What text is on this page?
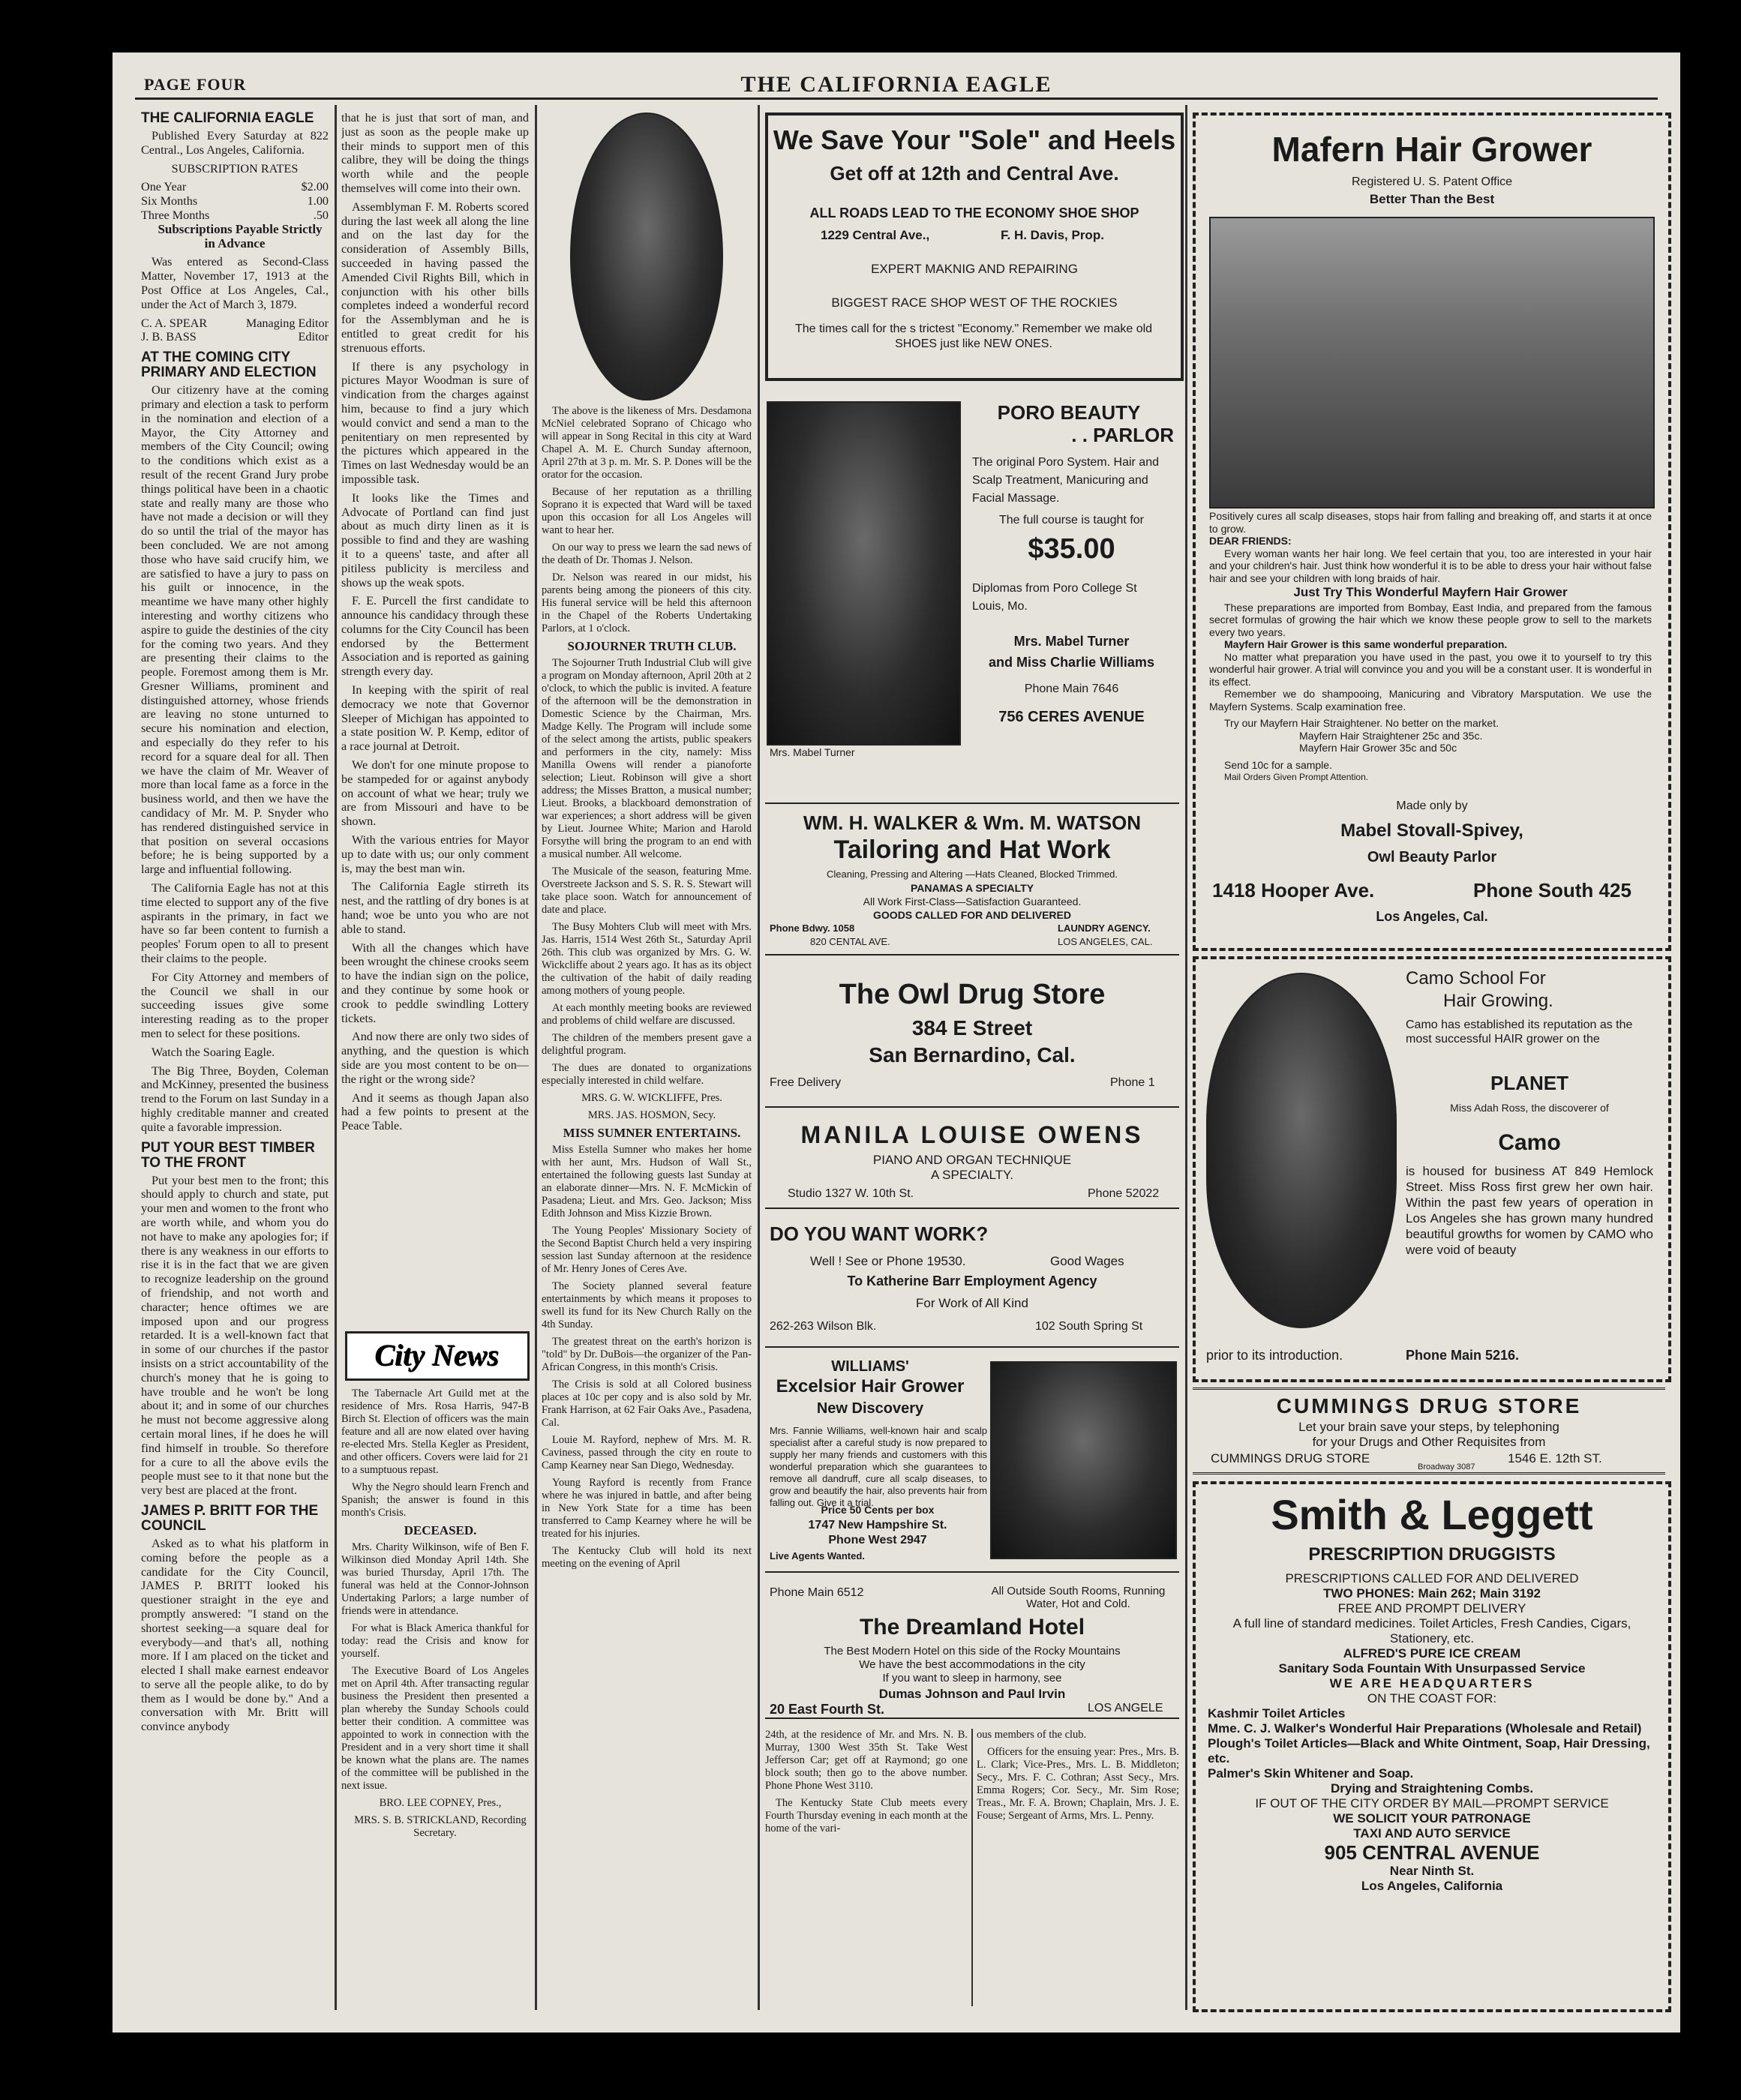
PAGE FOUR	THE CALIFORNIA EAGLE
THE CALIFORNIA EAGLE

Published Every Saturday at 822 Central., Los Angeles, California.

SUBSCRIPTION RATES

One Year	$2.00
Six Months	1.00
Three Months	.50

Subscriptions Payable Strictly in Advance

Was entered as Second-Class Matter, November 17, 1913 at the Post Office at Los Angeles, Cal., under the Act of March 3, 1879.

C. A. SPEAR	Managing Editor
J. B. BASS	Editor
AT THE COMING CITY PRIMARY AND ELECTION

Our citizenry have at the coming primary and election a task to perform in the nomination and election of a Mayor, the City Attorney and members of the City Council; owing to the conditions which exist as a result of the recent Grand Jury probe things political have been in a chaotic state and really many are those who have not made a decision or will they do so until the trial of the mayor has been concluded. We are not among those who have said crucify him, we are satisfied to have a jury to pass on his guilt or innocence, in the meantime we have many other highly interesting and worthy citizens who aspire to guide the destinies of the city for the coming two years. And they are presenting their claims to the people. Foremost among them is Mr. Gresner Williams, prominent and distinguished attorney, whose friends are leaving no stone unturned to secure his nomination and election, and especially do they refer to his record for a square deal for all. Then we have the claim of Mr. Weaver of more than local fame as a force in the business world, and then we have the candidacy of Mr. M. P. Snyder who has rendered distinguished service in that position on several occasions before; he is being supported by a large and influential following.

The California Eagle has not at this time elected to support any of the five aspirants in the primary, in fact we have so far been content to furnish a peoples' Forum open to all to present their claims to the people.

For City Attorney and members of the Council we shall in our succeeding issues give some interesting reading as to the proper men to select for these positions.

Watch the Soaring Eagle.

The Big Three, Boyden, Coleman and McKinney, presented the business trend to the Forum on last Sunday in a highly creditable manner and created quite a favorable impression.

PUT YOUR BEST TIMBER TO THE FRONT

Put your best men to the front; this should apply to church and state, put your men and women to the front who are worth while, and whom you do not have to make any apologies for; if there is any weakness in our efforts to rise it is in the fact that we are given to recognize leadership on the ground of friendship, and not worth and character; hence oftimes we are imposed upon and our progress retarded. It is a well-known fact that in some of our churches if the pastor insists on a strict accountability of the church's money that he is going to have trouble and he won't be long about it; and in some of our churches he must not become aggressive along certain moral lines, if he does he will find himself in trouble. So therefore for a cure to all the above evils the people must see to it that none but the very best are placed at the front.

JAMES P. BRITT FOR THE COUNCIL

Asked as to what his platform in coming before the people as a candidate for the City Council, JAMES P. BRITT looked his questioner straight in the eye and promptly answered: "I stand on the shortest seeking—a square deal for everybody—and that's all, nothing more. If I am placed on the ticket and elected I shall make earnest endeavor to serve all the people alike, to do by them as I would be done by." And a conversation with Mr. Britt will convince anybody

that he is just that sort of man, and just as soon as the people make up their minds to support men of this calibre, they will be doing the things worth while and the people themselves will come into their own.

Assemblyman F. M. Roberts scored during the last week all along the line and on the last day for the consideration of Assembly Bills, succeeded in having passed the Amended Civil Rights Bill, which in conjunction with his other bills completes indeed a wonderful record for the Assemblyman and he is entitled to great credit for his strenuous efforts.

If there is any psychology in pictures Mayor Woodman is sure of vindication from the charges against him, because to find a jury which would convict and send a man to the penitentiary on men represented by the pictures which appeared in the Times on last Wednesday would be an impossible task.

It looks like the Times and Advocate of Portland can find just about as much dirty linen as it is possible to find and they are washing it to a queens' taste, and after all pitiless publicity is merciless and shows up the weak spots.

F. E. Purcell the first candidate to announce his candidacy through these columns for the City Council has been endorsed by the Betterment Association and is reported as gaining strength every day.

In keeping with the spirit of real democracy we note that Governor Sleeper of Michigan has appointed to a state position W. P. Kemp, editor of a race journal at Detroit.

We don't for one minute propose to be stampeded for or against anybody on account of what we hear; truly we are from Missouri and have to be shown.

With the various entries for Mayor up to date with us; our only comment is, may the best man win.

The California Eagle stirreth its nest, and the rattling of dry bones is at hand; woe be unto you who are not able to stand.

With all the changes which have been wrought the chinese crooks seem to have the indian sign on the police, and they continue by some hook or crook to peddle swindling Lottery tickets.

And now there are only two sides of anything, and the question is which side are you most content to be on—the right or the wrong side?

And it seems as though Japan also had a few points to present at the Peace Table.

City News

The Tabernacle Art Guild met at the residence of Mrs. Rosa Harris, 947-B Birch St. Election of officers was the main feature and all are now elated over having re-elected Mrs. Stella Kegler as President, and other officers. Covers were laid for 21 to a sumptuous repast.

Why the Negro should learn French and Spanish; the answer is found in this month's Crisis.

DECEASED.

Mrs. Charity Wilkinson, wife of Ben F. Wilkinson died Monday April 14th. She was buried Thursday, April 17th. The funeral was held at the Connor-Johnson Undertaking Parlors; a large number of friends were in attendance.

For what is Black America thankful for today: read the Crisis and know for yourself.

The Executive Board of Los Angeles met on April 4th. After transacting regular business the President then presented a plan whereby the Sunday Schools could better their condition. A committee was appointed to work in connection with the President and in a very short time it shall be known what the plans are. The names of the committee will be published in the next issue.

BRO. LEE COPNEY, Pres.,

MRS. S. B. STRICKLAND, Recording Secretary.

The above is the likeness of Mrs. Desdamona McNiel celebrated Soprano of Chicago who will appear in Song Recital in this city at Ward Chapel A. M. E. Church Sunday afternoon, April 27th at 3 p. m. Mr. S. P. Dones will be the orator for the occasion.

Because of her reputation as a thrilling Soprano it is expected that Ward will be taxed upon this occasion for all Los Angeles will want to hear her.

On our way to press we learn the sad news of the death of Dr. Thomas J. Nelson.

Dr. Nelson was reared in our midst, his parents being among the pioneers of this city. His funeral service will be held this afternoon in the Chapel of the Roberts Undertaking Parlors, at 1 o'clock.

SOJOURNER TRUTH CLUB.

The Sojourner Truth Industrial Club will give a program on Monday afternoon, April 20th at 2 o'clock, to which the public is invited. A feature of the afternoon will be the demonstration in Domestic Science by the Chairman, Mrs. Madge Kelly. The Program will include some of the select among the artists, public speakers and performers in the city, namely: Miss Manilla Owens will render a pianoforte selection; Lieut. Robinson will give a short address; the Misses Bratton, a musical number; Lieut. Brooks, a blackboard demonstration of war experiences; a short address will be given by Lieut. Journee White; Marion and Harold Forsythe will bring the program to an end with a musical number. All welcome.

The Musicale of the season, featuring Mme. Overstreete Jackson and S. S. R. S. Stewart will take place soon. Watch for announcement of date and place.

The Busy Mohters Club will meet with Mrs. Jas. Harris, 1514 West 26th St., Saturday April 26th. This club was organized by Mrs. G. W. Wickcliffe about 2 years ago. It has as its object the cultivation of the habit of daily reading among mothers of young people.

At each monthly meeting books are reviewed and problems of child welfare are discussed.

The children of the members present gave a delightful program.

The dues are donated to organizations especially interested in child welfare.

MRS. G. W. WICKLIFFE, Pres.

MRS. JAS. HOSMON, Secy.

MISS SUMNER ENTERTAINS.

Miss Estella Sumner who makes her home with her aunt, Mrs. Hudson of Wall St., entertained the following guests last Sunday at an elaborate dinner—Mrs. N. F. McMickin of Pasadena; Lieut. and Mrs. Geo. Jackson; Miss Edith Johnson and Miss Kizzie Brown.

The Young Peoples' Missionary Society of the Second Baptist Church held a very inspiring session last Sunday afternoon at the residence of Mr. Henry Jones of Ceres Ave.

The Society planned several feature entertainments by which means it proposes to swell its fund for its New Church Rally on the 4th Sunday.

The greatest threat on the earth's horizon is "told" by Dr. DuBois—the organizer of the Pan-African Congress, in this month's Crisis.

The Crisis is sold at all Colored business places at 10c per copy and is also sold by Mr. Frank Harrison, at 62 Fair Oaks Ave., Pasadena, Cal.

Louie M. Rayford, nephew of Mrs. M. R. Caviness, passed through the city en route to Camp Kearney near San Diego, Wednesday.

Young Rayford is recently from France where he was injured in battle, and after being in New York State for a time has been transferred to Camp Kearney where he will be treated for his injuries.

The Kentucky Club will hold its next meeting on the evening of April

We Save Your "Sole" and Heels
Get off at 12th and Central Ave.
ALL ROADS LEAD TO THE ECONOMY SHOE SHOP
1229 Central Ave.,	F. H. Davis, Prop.
EXPERT MAKNIG AND REPAIRING
BIGGEST RACE SHOP WEST OF THE ROCKIES
The times call for the s trictest "Economy." Remember we make old SHOES just like NEW ONES.
Mrs. Mabel Turner
PORO BEAUTY
. . PARLOR
The original Poro System. Hair and Scalp Treatment, Manicuring and Facial Massage.
The full course is taught for
$35.00
Diplomas from Poro College St Louis, Mo.
Mrs. Mabel Turner
and Miss Charlie Williams
Phone Main 7646
756 CERES AVENUE
WM. H. WALKER & Wm. M. WATSON
Tailoring and Hat Work
Cleaning, Pressing and Altering —Hats Cleaned, Blocked Trimmed.
PANAMAS A SPECIALTY
All Work First-Class—Satisfaction Guaranteed.
GOODS CALLED FOR AND DELIVERED
Phone Bdwy. 1058	LAUNDRY AGENCY.
820 CENTAL AVE.	LOS ANGELES, CAL.
The Owl Drug Store
384 E Street
San Bernardino, Cal.
Free Delivery	Phone 1
MANILA LOUISE OWENS
PIANO AND ORGAN TECHNIQUE
A SPECIALTY.
Studio 1327 W. 10th St.	Phone 52022
DO YOU WANT WORK?
Well ! See or Phone 19530.	Good Wages
To Katherine Barr Employment Agency
For Work of All Kind
262-263 Wilson Blk.	102 South Spring St
WILLIAMS'
Excelsior Hair Grower
New Discovery
Mrs. Fannie Williams, well-known hair and scalp specialist after a careful study is now prepared to supply her many friends and customers with this wonderful preparation which she guarantees to remove all dandruff, cure all scalp diseases, to grow and beautify the hair, also prevents hair from falling out. Give it a trial.
Price 50 Cents per box
1747 New Hampshire St.
Phone West 2947
Live Agents Wanted.
Phone Main 6512	All Outside South Rooms, Running Water, Hot and Cold.
The Dreamland Hotel
The Best Modern Hotel on this side of the Rocky Mountains
We have the best accommodations in the city
If you want to sleep in harmony, see
Dumas Johnson and Paul Irvin
20 East Fourth St.	LOS ANGELE

24th, at the residence of Mr. and Mrs. N. B. Murray, 1300 West 35th St. Take West Jefferson Car; get off at Raymond; go one block south; then go to the above number. Phone Phone West 3110.

The Kentucky State Club meets every Fourth Thursday evening in each month at the home of the vari-

ous members of the club.

Officers for the ensuing year: Pres., Mrs. B. L. Clark; Vice-Pres., Mrs. L. B. Middleton; Secy., Mrs. F. C. Cothran; Asst Secy., Mrs. Emma Rogers; Cor. Secy., Mr. Sim Rose; Treas., Mr. F. A. Brown; Chaplain, Mrs. J. E. Fouse; Sergeant of Arms, Mrs. L. Penny.

Mafern Hair Grower
Registered U. S. Patent Office
Better Than the Best
Positively cures all scalp diseases, stops hair from falling and breaking off, and starts it at once to grow.
DEAR FRIENDS:
Every woman wants her hair long. We feel certain that you, too are interested in your hair and your children's hair. Just think how wonderful it is to be able to dress your hair without false hair and see your children with long braids of hair.
Just Try This Wonderful Mayfern Hair Grower
These preparations are imported from Bombay, East India, and prepared from the famous secret formulas of growing the hair which we know these people grow to sell to the markets every two years.
Mayfern Hair Grower is this same wonderful preparation.
No matter what preparation you have used in the past, you owe it to yourself to try this wonderful hair grower. A trial will convince you and you will be a constant user. It is wonderful in its effect.
Remember we do shampooing, Manicuring and Vibratory Marsputation. We use the Mayfern Systems. Scalp examination free.
Try our Mayfern Hair Straightener. No better on the market.
Mayfern Hair Straightener 25c and 35c.
Mayfern Hair Grower 35c and 50c
Send 10c for a sample.
Mail Orders Given Prompt Attention.
Made only by
Mabel Stovall-Spivey,
Owl Beauty Parlor
1418 Hooper Ave.	Phone South 425
Los Angeles, Cal.
Camo School For
Hair Growing.
Camo has established its reputation as the most successful HAIR grower on the
PLANET
Miss Adah Ross, the discoverer of
Camo
is housed for business AT 849 Hemlock Street. Miss Ross first grew her own hair. Within the past few years of operation in Los Angeles she has grown many hundred beautiful growths for women by CAMO who were void of beauty
prior to its introduction.	Phone Main 5216.
CUMMINGS DRUG STORE
Let your brain save your steps, by telephoning
for your Drugs and Other Requisites from
CUMMINGS DRUG STORE	1546 E. 12th ST.
Broadway 3087
Smith & Leggett
PRESCRIPTION DRUGGISTS
PRESCRIPTIONS CALLED FOR AND DELIVERED
TWO PHONES: Main 262; Main 3192
FREE AND PROMPT DELIVERY
A full line of standard medicines. Toilet Articles, Fresh Candies, Cigars, Stationery, etc.
ALFRED'S PURE ICE CREAM
Sanitary Soda Fountain With Unsurpassed Service
WE ARE HEADQUARTERS
ON THE COAST FOR:
Kashmir Toilet Articles
Mme. C. J. Walker's Wonderful Hair Preparations (Wholesale and Retail)
Plough's Toilet Articles—Black and White Ointment, Soap, Hair Dressing, etc.
Palmer's Skin Whitener and Soap.
Drying and Straightening Combs.
IF OUT OF THE CITY ORDER BY MAIL—PROMPT SERVICE
WE SOLICIT YOUR PATRONAGE
TAXI AND AUTO SERVICE
905 CENTRAL AVENUE
Near Ninth St.
Los Angeles, California
